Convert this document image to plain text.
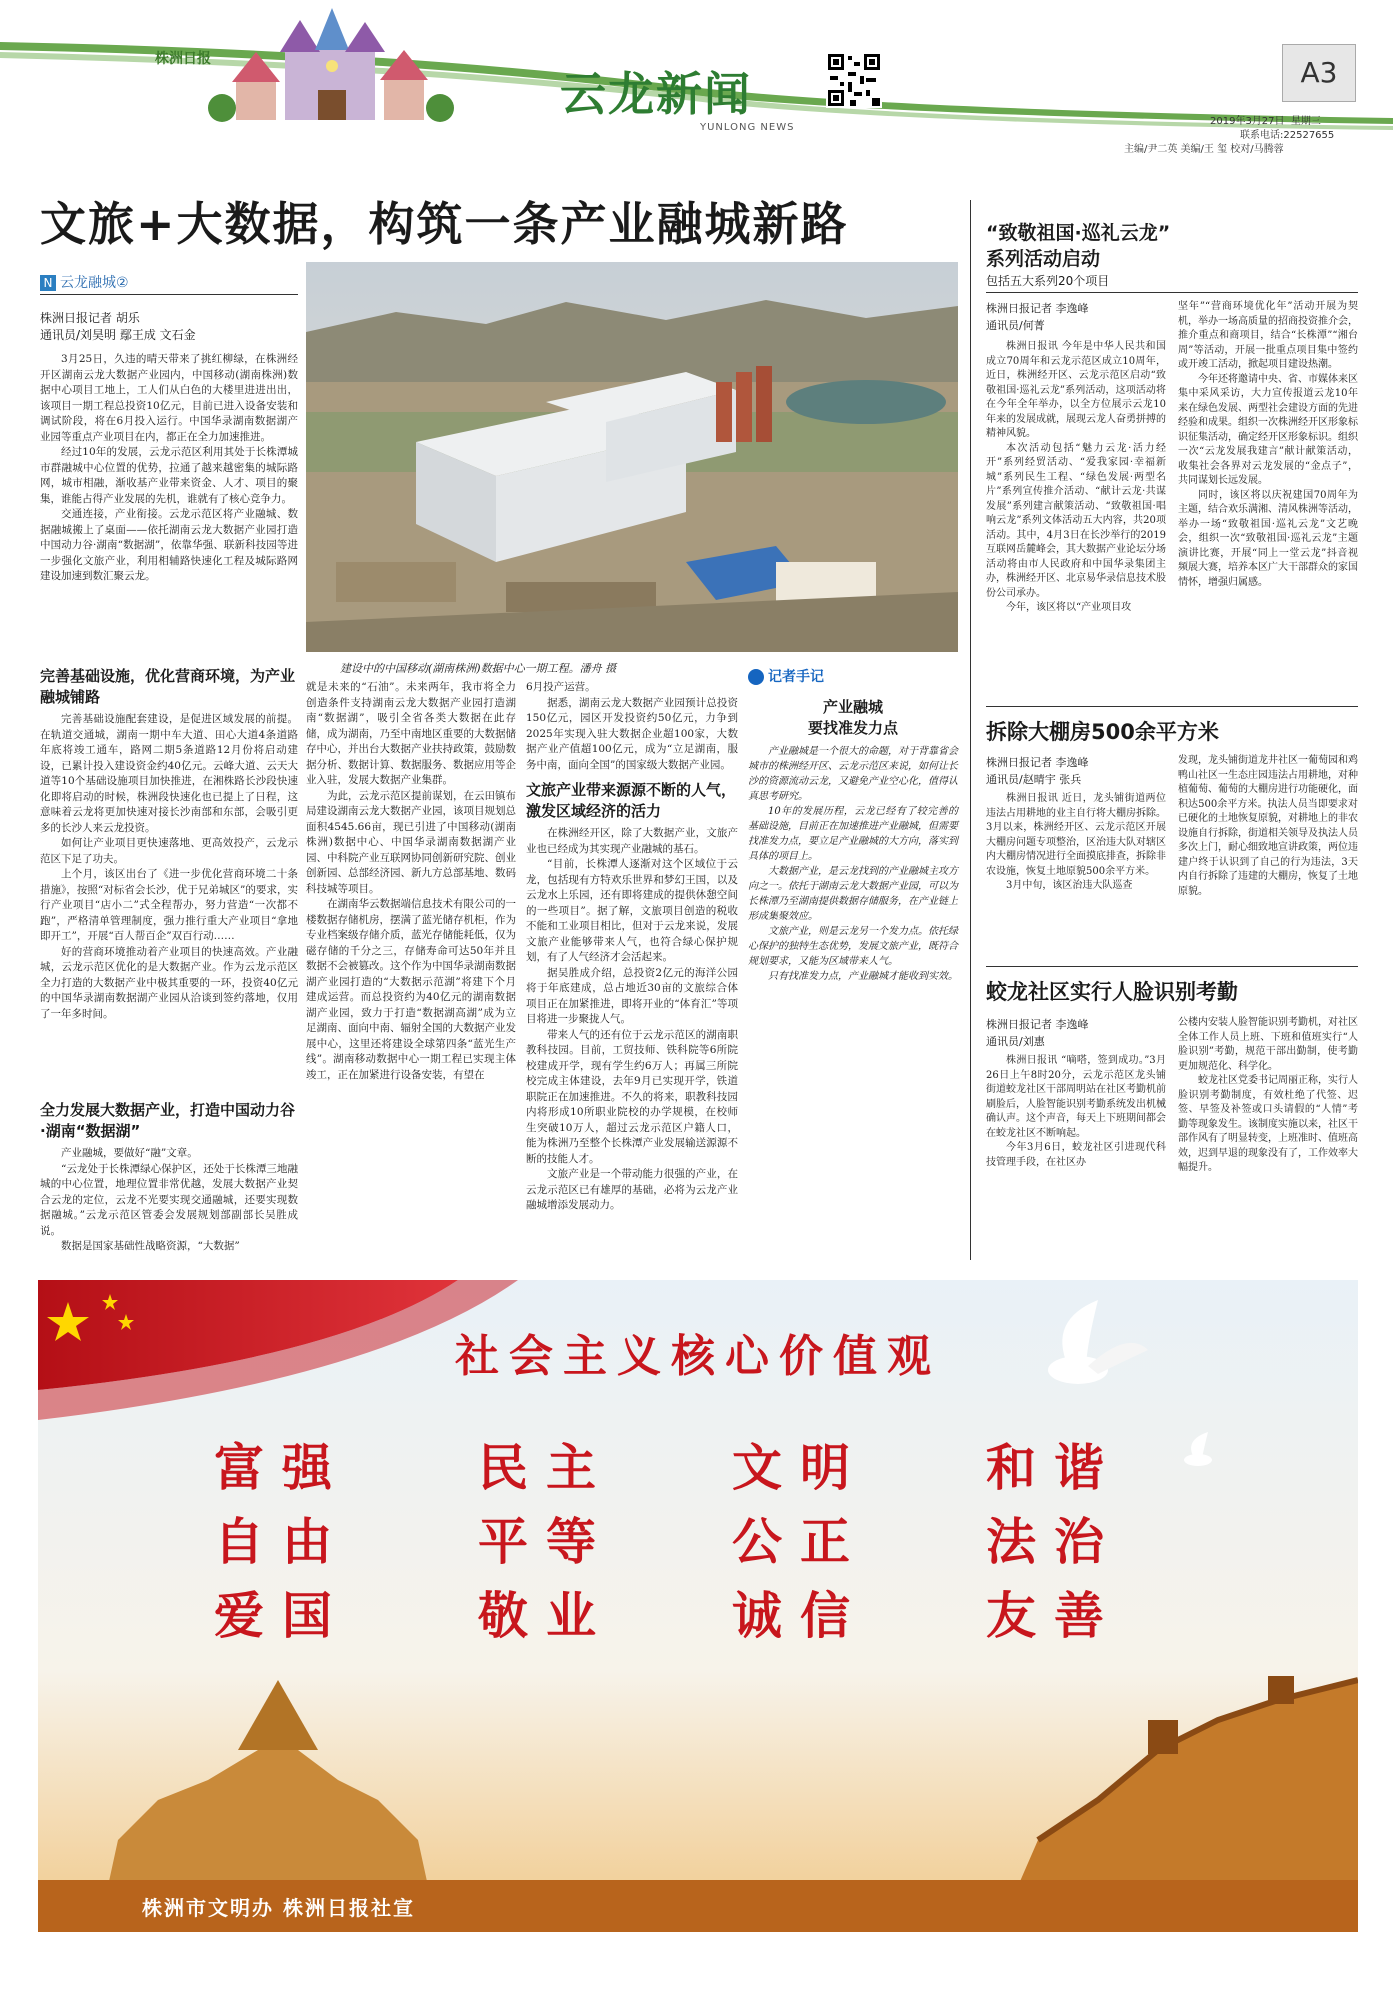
株洲日报
云龙新闻
YUNLONG NEWS
A3
2019年3月27日 星期三
联系电话:22527655
主编/尹二英 美编/王 玺 校对/马腾蓉
文旅+大数据，构筑一条产业融城新路
N 云龙融城②
株洲日报记者 胡乐
通讯员/刘昊明 鄢王成 文石金
建设中的中国移动(湖南株洲)数据中心一期工程。潘舟 摄

3月25日，久违的晴天带来了挑红柳绿，在株洲经开区湖南云龙大数据产业园内，中国移动(湖南株洲)数据中心项目工地上，工人们从白色的大楼里进进出出，该项目一期工程总投资10亿元，目前已进入设备安装和调试阶段，将在6月投入运行。中国华录湖南数据湖产业园等重点产业项目在内，都正在全力加速推进。

经过10年的发展，云龙示范区利用其处于长株潭城市群融城中心位置的优势，拉通了越来越密集的城际路网，城市相融，渐收基产业带来资金、人才、项目的聚集，谁能占得产业发展的先机，谁就有了核心竞争力。

交通连接，产业衔接。云龙示范区将产业融城、数据融城搬上了桌面——依托湖南云龙大数据产业园打造中国动力谷·湖南“数据湖”，依靠华强、联新科技园等进一步强化文旅产业，利用相辅路快速化工程及城际路网建设加速到数汇聚云龙。

完善基础设施，优化营商环境，为产业融城铺路

完善基础设施配套建设，是促进区域发展的前提。在轨道交通城，湖南一期中车大道、田心大道4条道路年底将竣工通车，路网二期5条道路12月份将启动建设，已累计投入建设资金约40亿元。云峰大道、云天大道等10个基础设施项目加快推进，在湘株路长沙段快速化即将启动的时候，株洲段快速化也已提上了日程，这意味着云龙将更加快速对接长沙南部和东部，会吸引更多的长沙人来云龙投资。

如何让产业项目更快速落地、更高效投产，云龙示范区下足了功夫。

上个月，该区出台了《进一步优化营商环境二十条措施》，按照“对标省会长沙，优于兄弟城区”的要求，实行产业项目“店小二”式全程帮办，努力营造“一次都不跑”，严格清单管理制度，强力推行重大产业项目“拿地即开工”，开展“百人帮百企”双百行动……

好的营商环境推动着产业项目的快速高效。产业融城，云龙示范区优化的是大数据产业。作为云龙示范区全力打造的大数据产业中极其重要的一环，投资40亿元的中国华录湖南数据湖产业园从洽谈到签约落地，仅用了一年多时间。

全力发展大数据产业，打造中国动力谷·湖南“数据湖”

产业融城，要做好“融”文章。

“云龙处于长株潭绿心保护区，还处于长株潭三地融城的中心位置，地理位置非常优越，发展大数据产业契合云龙的定位，云龙不光要实现交通融城，还要实现数据融城。”云龙示范区管委会发展规划部副部长吴胜成说。

数据是国家基础性战略资源，“大数据”

就是未来的“石油”。未来两年，我市将全力创造条件支持湖南云龙大数据产业园打造湖南“数据湖”，吸引全省各类大数据在此存储，成为湖南，乃至中南地区重要的大数据储存中心，并出台大数据产业扶持政策，鼓励数据分析、数据计算、数据服务、数据应用等企业入驻，发展大数据产业集群。

为此，云龙示范区提前谋划，在云田镇布局建设湖南云龙大数据产业园，该项目规划总面积4545.66亩，现已引进了中国移动(湖南株洲)数据中心、中国华录湖南数据湖产业园、中科院产业互联网协同创新研究院、创业创新园、总部经济园、新九方总部基地、数码科技城等项目。

在湖南华云数据端信息技术有限公司的一楼数据存储机房，摆满了蓝光储存机柜，作为专业档案级存储介质，蓝光存储能耗低，仅为磁存储的千分之三，存储寿命可达50年并且数据不会被篡改。这个作为中国华录湖南数据湖产业园打造的“大数据示范湖”将建下个月建成运营。而总投资约为40亿元的湖南数据湖产业园，致力于打造“数据湖高湖”成为立足湖南、面向中南、辐射全国的大数据产业发展中心，这里还将建设全球第四条“蓝光生产线”。湖南移动数据中心一期工程已实现主体竣工，正在加紧进行设备安装，有望在

6月投产运营。

据悉，湖南云龙大数据产业园预计总投资150亿元，园区开发投资约50亿元，力争到2025年实现入驻大数据企业超100家，大数据产业产值超100亿元，成为“立足湖南，服务中南，面向全国”的国家级大数据产业园。

文旅产业带来源源不断的人气，激发区域经济的活力

在株洲经开区，除了大数据产业，文旅产业也已经成为其实现产业融城的基石。

“目前，长株潭人逐渐对这个区域位于云龙，包括现有方特欢乐世界和梦幻王国，以及云龙水上乐园，还有即将建成的提供休憩空间的一些项目”。据了解，文旅项目创造的税收不能和工业项目相比，但对于云龙来说，发展文旅产业能够带来人气，也符合绿心保护规划，有了人气经济才会活起来。

据吴胜成介绍，总投资2亿元的海洋公园将于年底建成，总占地近30亩的文旅综合体项目正在加紧推进，即将开业的“体育汇”等项目将进一步聚拢人气。

带来人气的还有位于云龙示范区的湖南职教科技园。目前，工贸技师、铁科院等6所院校建成开学，现有学生约6万人；再属三所院校完成主体建设，去年9月已实现开学，铁道职院正在加速推进。不久的将来，职教科技园内将形成10所职业院校的办学规模，在校师生突破10万人，超过云龙示范区户籍人口，能为株洲乃至整个长株潭产业发展输送源源不断的技能人才。

文旅产业是一个带动能力很强的产业，在云龙示范区已有雄厚的基础，必将为云龙产业融城增添发展动力。

记者手记
产业融城
要找准发力点

产业融城是一个很大的命题，对于背靠省会城市的株洲经开区、云龙示范区来说，如何让长沙的资源流动云龙，又避免产业空心化，值得认真思考研究。

10年的发展历程，云龙已经有了较完善的基础设施，目前正在加速推进产业融城，但需要找准发力点，要立足产业融城的大方向，落实到具体的项目上。

大数据产业，是云龙找到的产业融城主攻方向之一。依托于湖南云龙大数据产业园，可以为长株潭乃至湖南提供数据存储服务，在产业链上形成集聚效应。

文旅产业，则是云龙另一个发力点。依托绿心保护的独特生态优势，发展文旅产业，既符合规划要求，又能为区域带来人气。

只有找准发力点，产业融城才能收到实效。

“致敬祖国·巡礼云龙”
系列活动启动
包括五大系列20个项目
株洲日报记者 李逸峰
通讯员/何菁

株洲日报讯 今年是中华人民共和国成立70周年和云龙示范区成立10周年，近日，株洲经开区、云龙示范区启动“致敬祖国·巡礼云龙”系列活动，这项活动将在今年全年举办，以全方位展示云龙10年来的发展成就，展现云龙人奋勇拼搏的精神风貌。

本次活动包括“魅力云龙·活力经开”系列经贸活动、“爱我家园·幸福新城”系列民生工程、“绿色发展·两型名片”系列宣传推介活动、“献计云龙·共谋发展”系列建言献策活动、“致敬祖国·唱响云龙”系列文体活动五大内容，共20项活动。其中，4月3日在长沙举行的2019互联网岳麓峰会，其大数据产业论坛分场活动将由市人民政府和中国华录集团主办，株洲经开区、北京易华录信息技术股份公司承办。

今年，该区将以“产业项目攻

坚年”“营商环境优化年”活动开展为契机，举办一场高质量的招商投资推介会，推介重点和商项目，结合“长株潭”“湘台周”等活动，开展一批重点项目集中签约或开竣工活动，掀起项目建设热潮。

今年还将邀请中央、省、市媒体来区集中采风采访，大力宣传报道云龙10年来在绿色发展、两型社会建设方面的先进经验和成果。组织一次株洲经开区形象标识征集活动，确定经开区形象标识。组织一次“云龙发展我建言”献计献策活动，收集社会各界对云龙发展的“金点子”，共同谋划长远发展。

同时，该区将以庆祝建国70周年为主题，结合欢乐满湘、清风株洲等活动，举办一场“致敬祖国·巡礼云龙”文艺晚会，组织一次“致敬祖国·巡礼云龙”主题演讲比赛，开展“同上一堂云龙”抖音视频展大赛，培养本区广大干部群众的家国情怀，增强归属感。

拆除大棚房500余平方米
株洲日报记者 李逸峰
通讯员/赵晴宇 张兵

株洲日报讯 近日，龙头铺街道两位违法占用耕地的业主自行将大棚房拆除。3月以来，株洲经开区、云龙示范区开展大棚房问题专项整治，区治违大队对辖区内大棚房情况进行全面摸底排查，拆除非农设施，恢复土地原貌500余平方米。

3月中旬，该区治违大队巡查

发现，龙头铺街道龙井社区一葡萄园和鸡鸭山社区一生态庄园违法占用耕地，对种植葡萄、葡萄的大棚房进行功能硬化，面积达500余平方米。执法人员当即要求对已硬化的土地恢复原貌，对耕地上的非农设施自行拆除，街道相关领导及执法人员多次上门，耐心细致地宣讲政策，两位违建户终于认识到了自己的行为违法，3天内自行拆除了违建的大棚房，恢复了土地原貌。

蛟龙社区实行人脸识别考勤
株洲日报记者 李逸峰
通讯员/刘惠

株洲日报讯 “嘀嗒，签到成功。”3月26日上午8时20分，云龙示范区龙头铺街道蛟龙社区干部周明站在社区考勤机前刷脸后，人脸智能识别考勤系统发出机械确认声。这个声音，每天上下班期间都会在蛟龙社区不断响起。

今年3月6日，蛟龙社区引进现代科技管理手段，在社区办

公楼内安装人脸智能识别考勤机，对社区全体工作人员上班、下班和值班实行“人脸识别”考勤，规范干部出勤制，使考勤更加规范化、科学化。

蛟龙社区党委书记周丽正称，实行人脸识别考勤制度，有效杜绝了代签、迟签、早签及补签或口头请假的“人情”考勤等现象发生。该制度实施以来，社区干部作风有了明显转变，上班准时、值班高效，迟到早退的现象没有了，工作效率大幅提升。

社会主义核心价值观
富强	民主 文明 和谐
自由	平等 公正 法治
爱国	敬业 诚信 友善
株洲市文明办 株洲日报社宣
